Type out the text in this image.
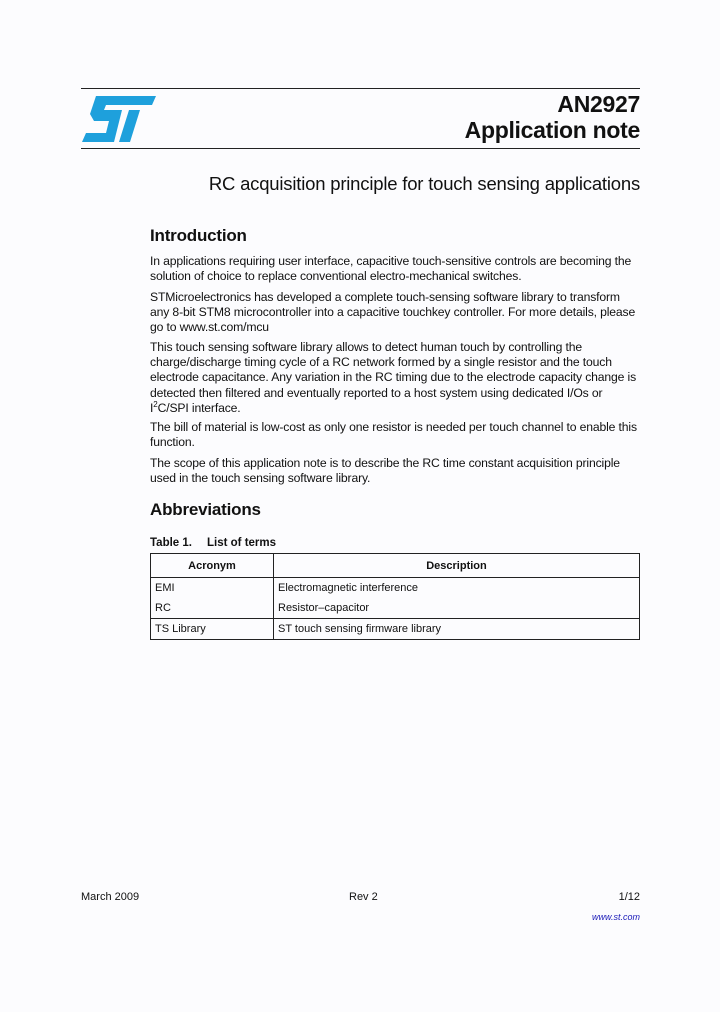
AN2927
Application note
RC acquisition principle for touch sensing applications
Introduction
In applications requiring user interface, capacitive touch-sensitive controls are becoming the solution of choice to replace conventional electro-mechanical switches.
STMicroelectronics has developed a complete touch-sensing software library to transform any 8-bit STM8 microcontroller into a capacitive touchkey controller. For more details, please go to www.st.com/mcu
This touch sensing software library allows to detect human touch by controlling the charge/discharge timing cycle of a RC network formed by a single resistor and the touch electrode capacitance. Any variation in the RC timing due to the electrode capacity change is detected then filtered and eventually reported to a host system using dedicated I/Os or $I^2C$/SPI interface.
The bill of material is low-cost as only one resistor is needed per touch channel to enable this function.
The scope of this application note is to describe the RC time constant acquisition principle used in the touch sensing software library.
Abbreviations
Table 1. List of terms
Acronym	Description
EMI	Electromagnetic interference
RC	Resistor–capacitor
TS Library	ST touch sensing firmware library
March 2009	Rev 2	1/12
www.st.com
